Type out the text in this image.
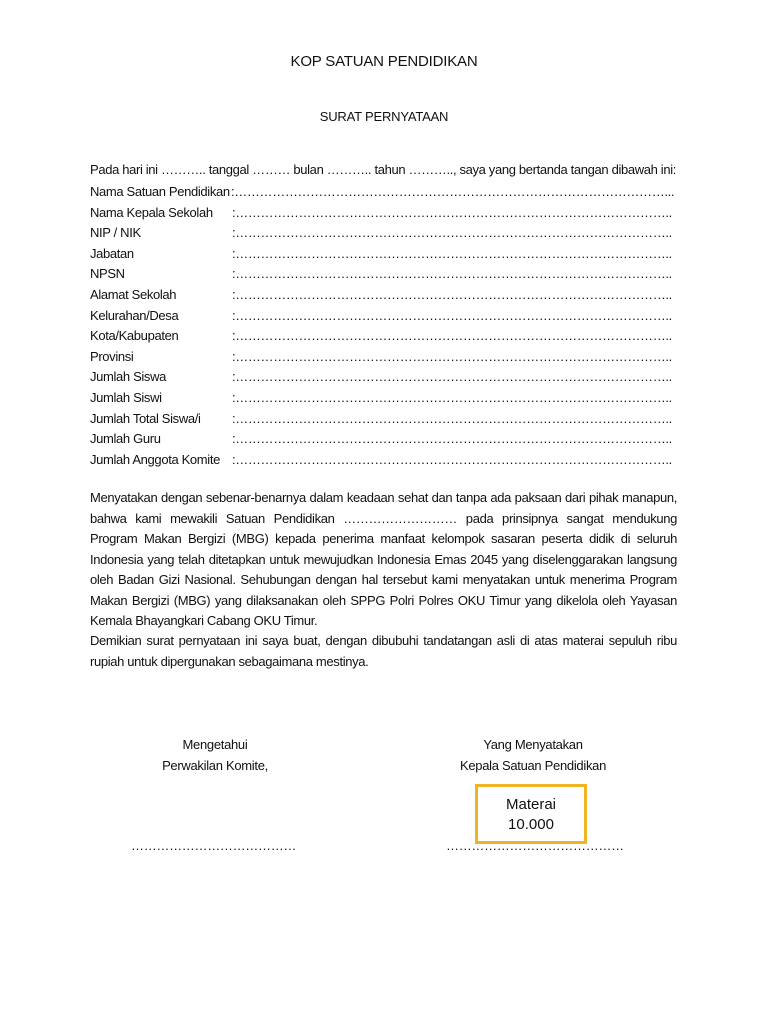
KOP SATUAN PENDIDIKAN
SURAT PERNYATAAN
Pada hari ini ……….. tanggal ……… bulan ……….. tahun ……….., saya yang bertanda tangan dibawah ini:
Nama Satuan Pendidikan :…………………………………………………………………………………………...
Nama Kepala Sekolah :…………………………………………………………………………………………..
NIP / NIK	:…………………………………………………………………………………………..
Jabatan	:…………………………………………………………………………………………..
NPSN	:…………………………………………………………………………………………..
Alamat Sekolah	:…………………………………………………………………………………………..
Kelurahan/Desa	:…………………………………………………………………………………………..
Kota/Kabupaten	:…………………………………………………………………………………………..
Provinsi	:…………………………………………………………………………………………..
Jumlah Siswa	:…………………………………………………………………………………………..
Jumlah Siswi	:…………………………………………………………………………………………..
Jumlah Total Siswa/i :…………………………………………………………………………………………..
Jumlah Guru	:…………………………………………………………………………………………..
Jumlah Anggota Komite :…………………………………………………………………………………………..
Menyatakan dengan sebenar-benarnya dalam keadaan sehat dan tanpa ada paksaan dari pihak manapun, bahwa kami mewakili Satuan Pendidikan ……………………… pada prinsipnya sangat mendukung Program Makan Bergizi (MBG) kepada penerima manfaat kelompok sasaran peserta didik di seluruh Indonesia yang telah ditetapkan untuk mewujudkan Indonesia Emas 2045 yang diselenggarakan langsung oleh Badan Gizi Nasional. Sehubungan dengan hal tersebut kami menyatakan untuk menerima Program Makan Bergizi (MBG) yang dilaksanakan oleh SPPG Polri Polres OKU Timur yang dikelola oleh Yayasan Kemala Bhayangkari Cabang OKU Timur.
Demikian surat pernyataan ini saya buat, dengan dibubuhi tandatangan asli di atas materai sepuluh ribu rupiah untuk dipergunakan sebagaimana mestinya.
Mengetahui
Perwakilan Komite,
Yang Menyatakan
Kepala Satuan Pendidikan
Materai
10.000
…………………………………	……………………………………
